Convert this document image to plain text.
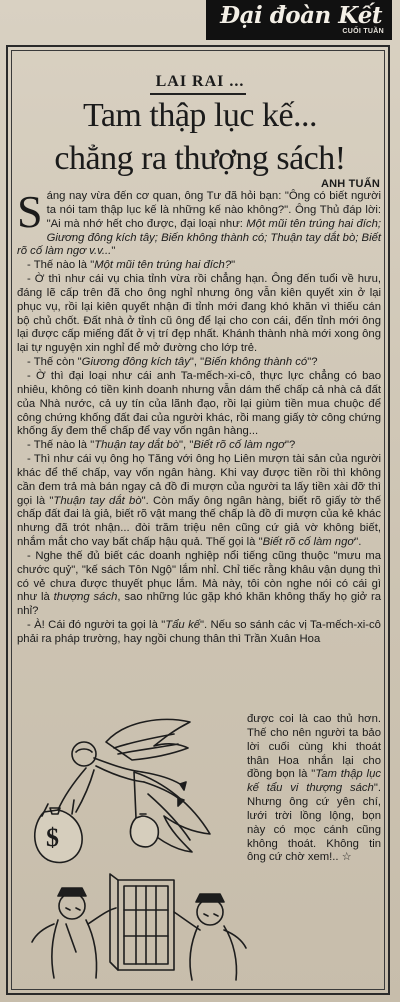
Đại đoàn Kết
CUỐI TUẦN
LAI RAI ...
Tam thập lục kế...
chẳng ra thượng sách!
ANH TUẤN

Sáng nay vừa đến cơ quan, ông Tư đã hỏi bạn: "Ông có biết người ta nói tam thập lục kế là những kế nào không?". Ông Thủ đáp lời: "Ai mà nhớ hết cho được, đại loại như: Một mũi tên trúng hai đích; Giương đông kích tây; Biến không thành có; Thuận tay dắt bò; Biết rõ cố làm ngơ v.v..."

- Thế nào là "Một mũi tên trúng hai đích?"

- Ờ thì như cái vụ chia tỉnh vừa rồi chẳng hạn. Ông đến tuổi về hưu, đáng lẽ cấp trên đã cho ông nghỉ nhưng ông vẫn kiên quyết xin ở lại phục vụ, rồi lại kiên quyết nhận đi tỉnh mới đang khó khăn vì thiếu cán bộ chủ chốt. Đất nhà ở tỉnh cũ ông để lại cho con cái, đến tỉnh mới ông lại được cấp miếng đất ở vị trí đẹp nhất. Khánh thành nhà mới xong ông lại tự nguyện xin nghỉ để mở đường cho lớp trẻ.

- Thế còn "Giương đông kích tây", "Biến không thành có"?

- Ờ thì đại loại như cái anh Ta-mếch-xi-cô, thực lực chẳng có bao nhiêu, không có tiền kinh doanh nhưng vẫn dám thế chấp cả nhà cả đất của Nhà nước, cả uy tín của lãnh đạo, rồi lại giùm tiền mua chuộc để công chứng khống đất đai của người khác, rồi mang giấy tờ công chứng khống ấy đem thế chấp để vay vốn ngân hàng...

- Thế nào là "Thuận tay dắt bò", "Biết rõ cố làm ngơ"?

- Thì như cái vụ ông họ Tăng với ông họ Liên mượn tài sản của người khác để thế chấp, vay vốn ngân hàng. Khi vay được tiền rồi thì không cần đem trả mà bán ngay cả đồ đi mượn của người ta lấy tiền xài đỡ thì gọi là "Thuận tay dắt bò". Còn mấy ông ngân hàng, biết rõ giấy tờ thế chấp đất đai là giả, biết rõ vật mang thế chấp là đồ đi mượn của kẻ khác nhưng đã trót nhận... đòi trăm triệu nên cũng cứ giả vờ không biết, nhắm mắt cho vay bất chấp hậu quả. Thế gọi là "Biết rõ cố làm ngơ".

- Nghe thế đủ biết các doanh nghiệp nổi tiếng cũng thuộc "mưu ma chước quỷ", "kế sách Tôn Ngộ" lắm nhỉ. Chỉ tiếc rằng khâu vận dụng thì có vẻ chưa được thuyết phục lắm. Mà này, tôi còn nghe nói có cái gì như là thượng sách, sao những lúc gặp khó khăn không thấy họ giở ra nhỉ?

- À! Cái đó người ta gọi là "Tẩu kế". Nếu so sánh các vị Ta-mếch-xi-cô phải ra pháp trường, hay ngồi chung thân thì Trần Xuân Hoa

được coi là cao thủ hơn. Thế cho nên người ta bảo lời cuối cùng khi thoát thân Hoa nhắn lại cho đồng bọn là "Tam thập lục kế tẩu vi thượng sách". Nhưng ông cứ yên chí, lưới trời lồng lộng, bọn này có mọc cánh cũng không thoát. Không tin ông cứ chờ xem!.. ☆

$
